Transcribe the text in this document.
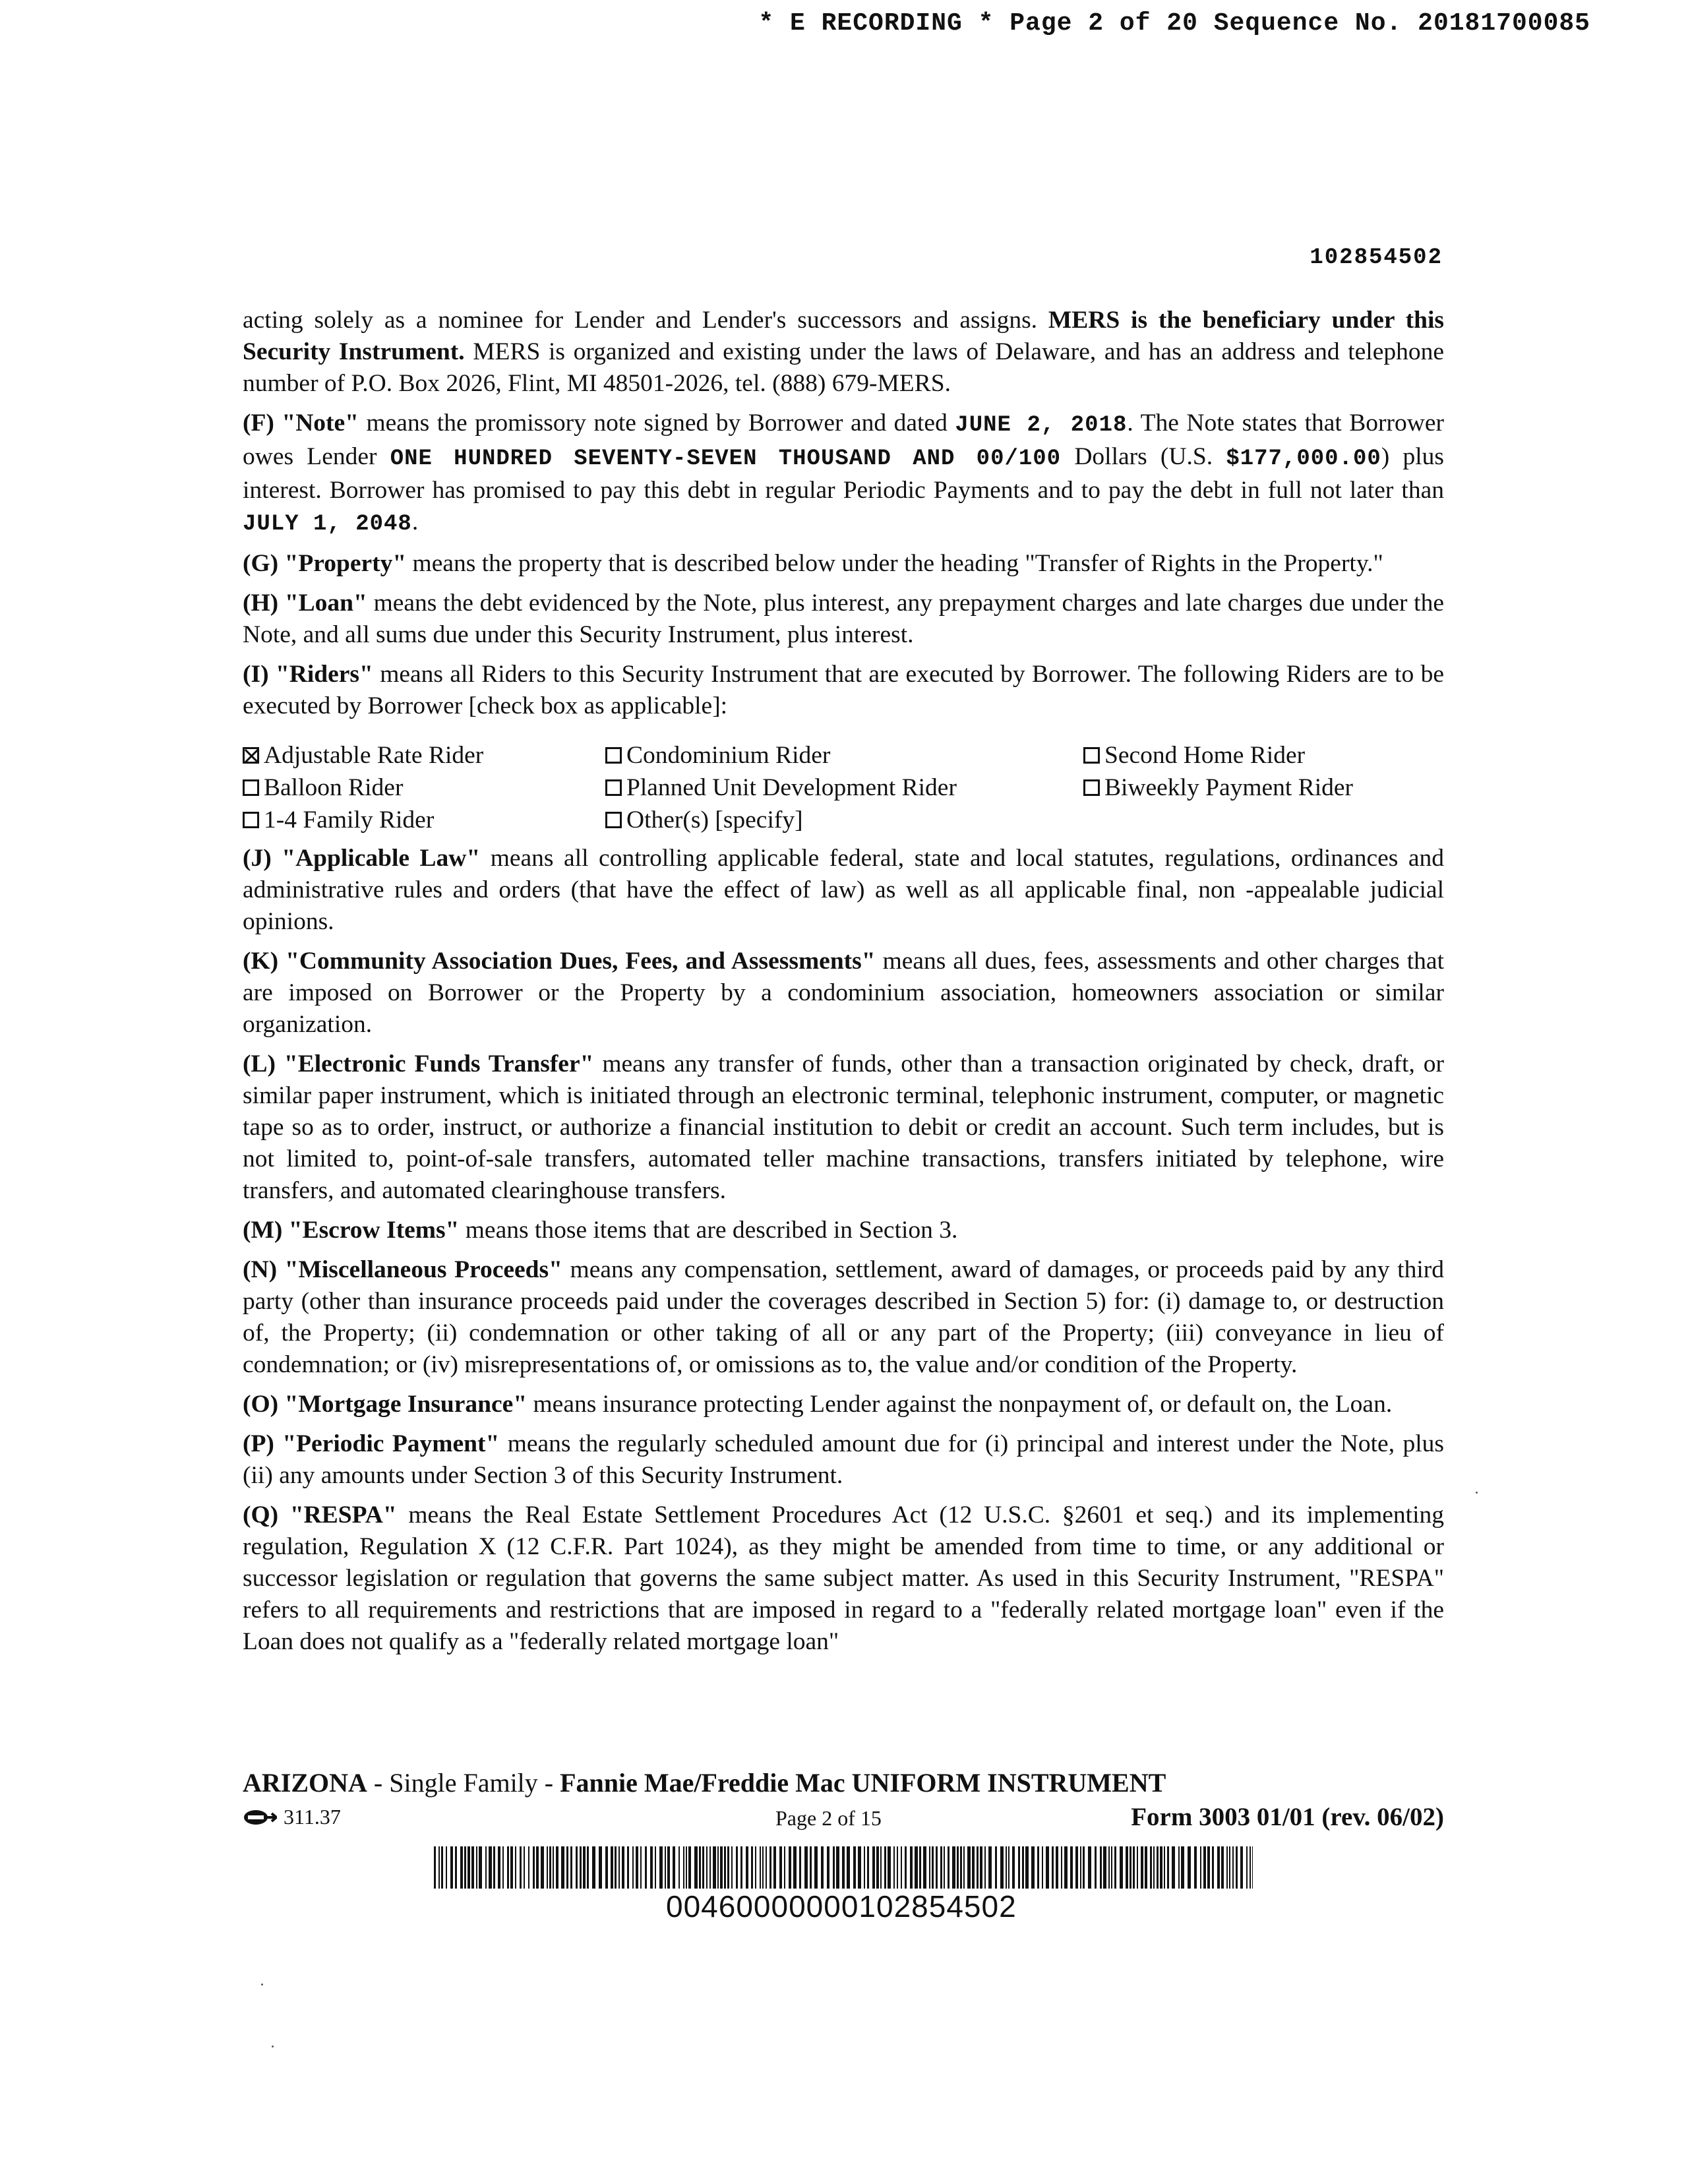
* E RECORDING * Page 2 of 20 Sequence No. 20181700085
102854502

acting solely as a nominee for Lender and Lender's successors and assigns. MERS is the beneficiary under this Security Instrument. MERS is organized and existing under the laws of Delaware, and has an address and telephone number of P.O. Box 2026, Flint, MI 48501-2026, tel. (888) 679-MERS.

(F) "Note" means the promissory note signed by Borrower and dated JUNE 2, 2018. The Note states that Borrower owes Lender ONE HUNDRED SEVENTY-SEVEN THOUSAND AND 00/100 Dollars (U.S. $177,000.00) plus interest. Borrower has promised to pay this debt in regular Periodic Payments and to pay the debt in full not later than JULY 1, 2048.

(G) "Property" means the property that is described below under the heading "Transfer of Rights in the Property."

(H) "Loan" means the debt evidenced by the Note, plus interest, any prepayment charges and late charges due under the Note, and all sums due under this Security Instrument, plus interest.

(I) "Riders" means all Riders to this Security Instrument that are executed by Borrower. The following Riders are to be executed by Borrower [check box as applicable]:

Adjustable Rate Rider	Condominium Rider	Second Home Rider
Balloon Rider	Planned Unit Development Rider	Biweekly Payment Rider
1-4 Family Rider	Other(s) [specify]

(J) "Applicable Law" means all controlling applicable federal, state and local statutes, regulations, ordinances and administrative rules and orders (that have the effect of law) as well as all applicable final, non -appealable judicial opinions.

(K) "Community Association Dues, Fees, and Assessments" means all dues, fees, assessments and other charges that are imposed on Borrower or the Property by a condominium association, homeowners association or similar organization.

(L) "Electronic Funds Transfer" means any transfer of funds, other than a transaction originated by check, draft, or similar paper instrument, which is initiated through an electronic terminal, telephonic instrument, computer, or magnetic tape so as to order, instruct, or authorize a financial institution to debit or credit an account. Such term includes, but is not limited to, point-of-sale transfers, automated teller machine transactions, transfers initiated by telephone, wire transfers, and automated clearinghouse transfers.

(M) "Escrow Items" means those items that are described in Section 3.

(N) "Miscellaneous Proceeds" means any compensation, settlement, award of damages, or proceeds paid by any third party (other than insurance proceeds paid under the coverages described in Section 5) for: (i) damage to, or destruction of, the Property; (ii) condemnation or other taking of all or any part of the Property; (iii) conveyance in lieu of condemnation; or (iv) misrepresentations of, or omissions as to, the value and/or condition of the Property.

(O) "Mortgage Insurance" means insurance protecting Lender against the nonpayment of, or default on, the Loan.

(P) "Periodic Payment" means the regularly scheduled amount due for (i) principal and interest under the Note, plus (ii) any amounts under Section 3 of this Security Instrument.

(Q) "RESPA" means the Real Estate Settlement Procedures Act (12 U.S.C. §2601 et seq.) and its implementing regulation, Regulation X (12 C.F.R. Part 1024), as they might be amended from time to time, or any additional or successor legislation or regulation that governs the same subject matter. As used in this Security Instrument, "RESPA" refers to all requirements and restrictions that are imposed in regard to a "federally related mortgage loan" even if the Loan does not qualify as a "federally related mortgage loan"

ARIZONA - Single Family - Fannie Mae/Freddie Mac UNIFORM INSTRUMENT
311.37	Page 2 of 15	Form 3003 01/01 (rev. 06/02)
00460000000102854502
